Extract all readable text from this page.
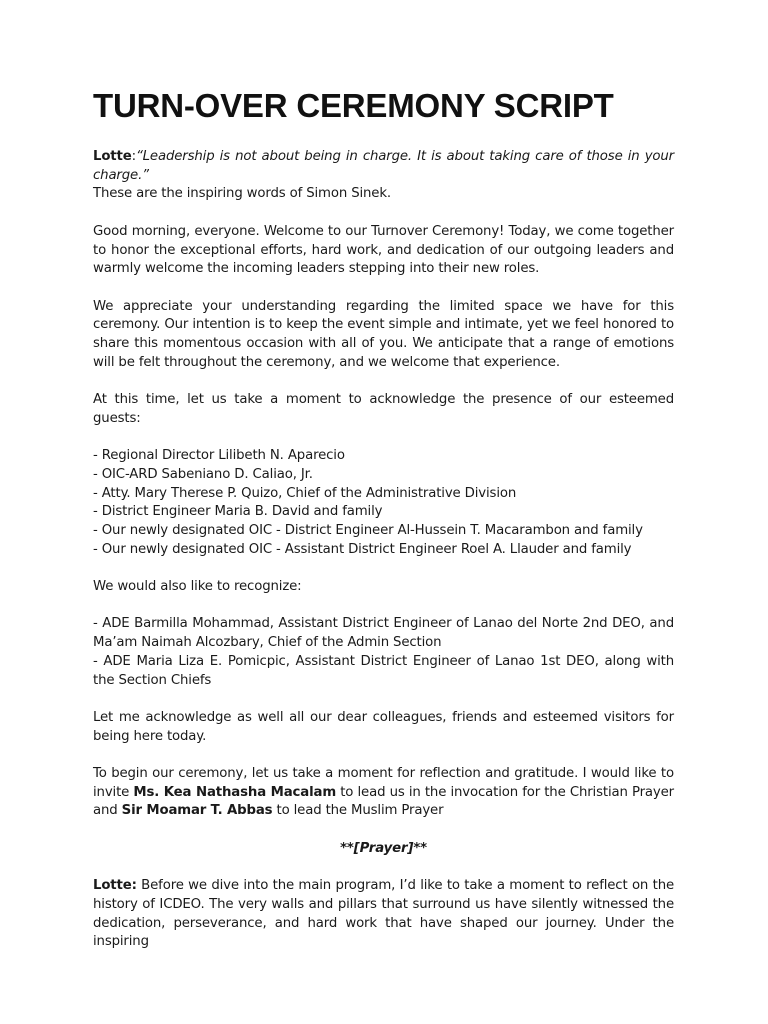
TURN-OVER CEREMONY SCRIPT

Lotte:“Leadership is not about being in charge. It is about taking care of those in your charge.”

These are the inspiring words of Simon Sinek.

Good morning, everyone. Welcome to our Turnover Ceremony! Today, we come together to honor the exceptional efforts, hard work, and dedication of our outgoing leaders and warmly welcome the incoming leaders stepping into their new roles.

We appreciate your understanding regarding the limited space we have for this ceremony. Our intention is to keep the event simple and intimate, yet we feel honored to share this momentous occasion with all of you. We anticipate that a range of emotions will be felt throughout the ceremony, and we welcome that experience.

At this time, let us take a moment to acknowledge the presence of our esteemed guests:

- Regional Director Lilibeth N. Aparecio

- OIC-ARD Sabeniano D. Caliao, Jr.

- Atty. Mary Therese P. Quizo, Chief of the Administrative Division

- District Engineer Maria B. David and family

- Our newly designated OIC - District Engineer Al-Hussein T. Macarambon and family

- Our newly designated OIC - Assistant District Engineer Roel A. Llauder and family

We would also like to recognize:

- ADE Barmilla Mohammad, Assistant District Engineer of Lanao del Norte 2nd DEO, and Ma’am Naimah Alcozbary, Chief of the Admin Section

- ADE Maria Liza E. Pomicpic, Assistant District Engineer of Lanao 1st DEO, along with the Section Chiefs

Let me acknowledge as well all our dear colleagues, friends and esteemed visitors for being here today.

To begin our ceremony, let us take a moment for reflection and gratitude. I would like to invite Ms. Kea Nathasha Macalam to lead us in the invocation for the Christian Prayer and Sir Moamar T. Abbas to lead the Muslim Prayer

**[Prayer]**

Lotte: Before we dive into the main program, I’d like to take a moment to reflect on the history of ICDEO. The very walls and pillars that surround us have silently witnessed the dedication, perseverance, and hard work that have shaped our journey. Under the inspiring
